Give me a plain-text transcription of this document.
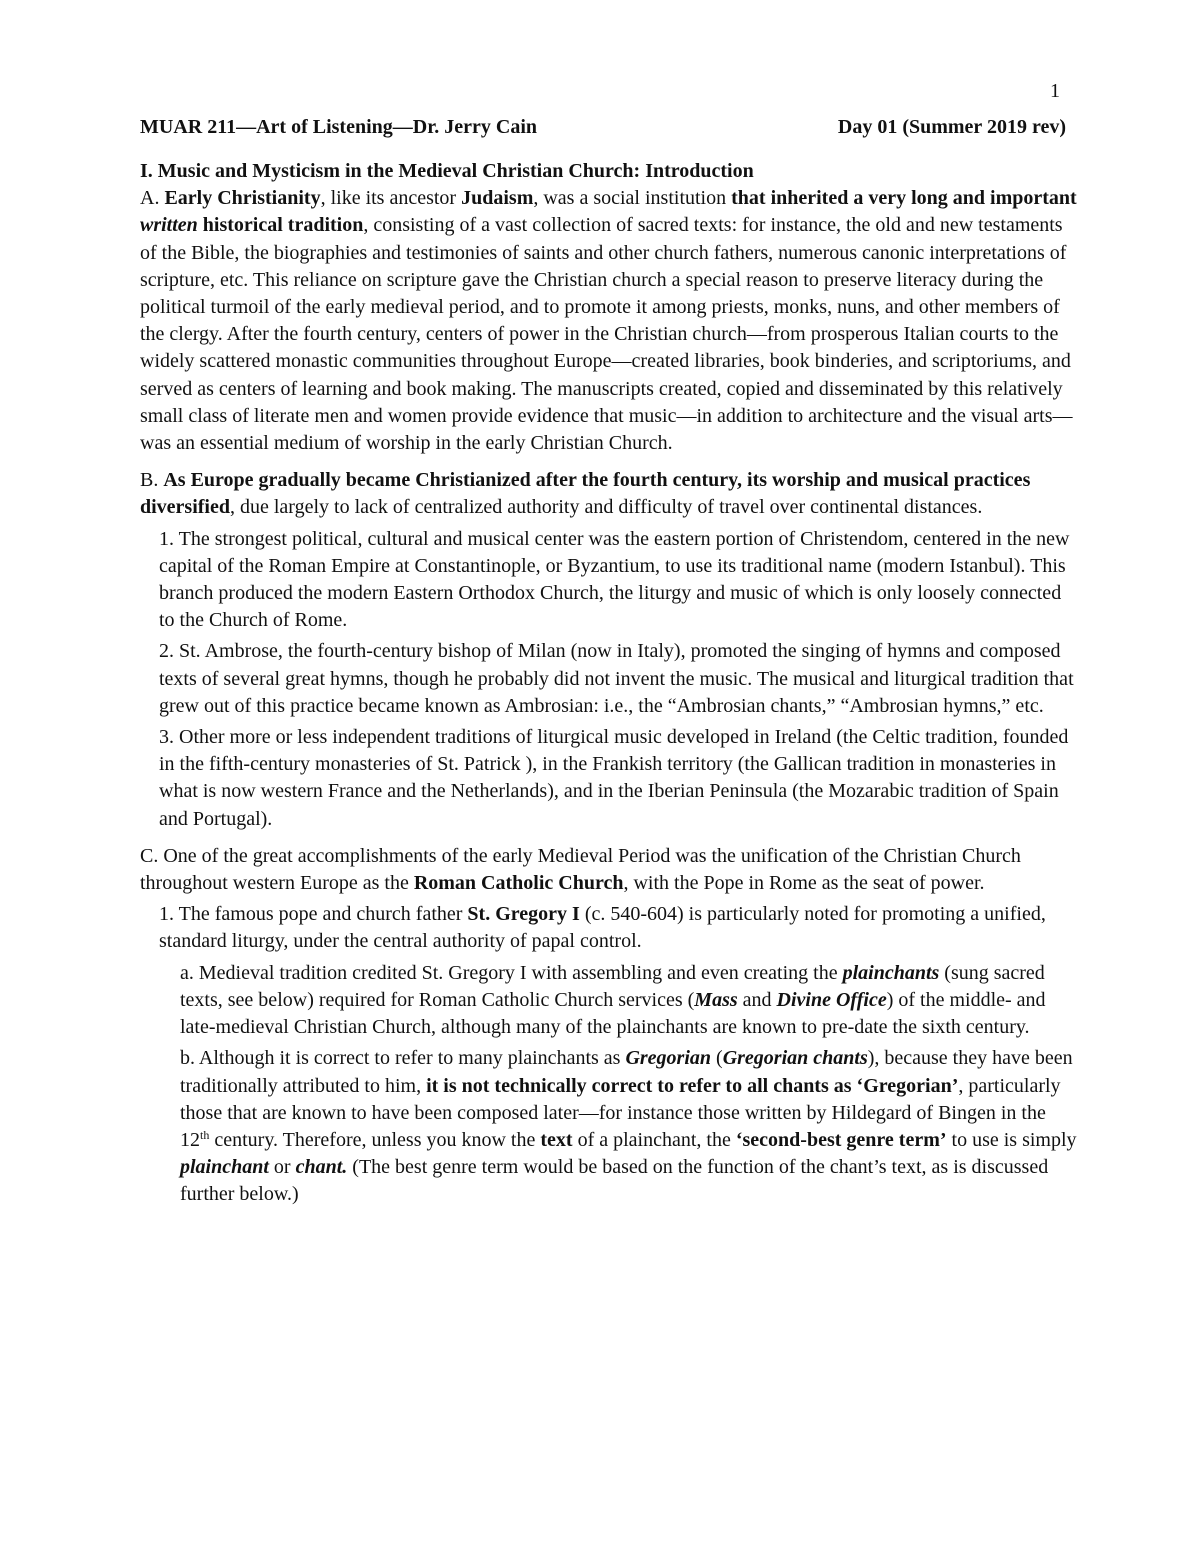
1
MUAR 211—Art of Listening—Dr. Jerry Cain	Day 01 (Summer 2019 rev)

I. Music and Mysticism in the Medieval Christian Church: Introduction

A. Early Christianity, like its ancestor Judaism, was a social institution that inherited a very long and important written historical tradition, consisting of a vast collection of sacred texts: for instance, the old and new testaments of the Bible, the biographies and testimonies of saints and other church fathers, numerous canonic interpretations of scripture, etc. This reliance on scripture gave the Christian church a special reason to preserve literacy during the political turmoil of the early medieval period, and to promote it among priests, monks, nuns, and other members of the clergy. After the fourth century, centers of power in the Christian church—from prosperous Italian courts to the widely scattered monastic communities throughout Europe—created libraries, book binderies, and scriptoriums, and served as centers of learning and book making. The manuscripts created, copied and disseminated by this relatively small class of literate men and women provide evidence that music—in addition to architecture and the visual arts—was an essential medium of worship in the early Christian Church.

B. As Europe gradually became Christianized after the fourth century, its worship and musical practices diversified, due largely to lack of centralized authority and difficulty of travel over continental distances.

1. The strongest political, cultural and musical center was the eastern portion of Christendom, centered in the new capital of the Roman Empire at Constantinople, or Byzantium, to use its traditional name (modern Istanbul). This branch produced the modern Eastern Orthodox Church, the liturgy and music of which is only loosely connected to the Church of Rome.

2. St. Ambrose, the fourth-century bishop of Milan (now in Italy), promoted the singing of hymns and composed texts of several great hymns, though he probably did not invent the music. The musical and liturgical tradition that grew out of this practice became known as Ambrosian: i.e., the “Ambrosian chants,” “Ambrosian hymns,” etc.

3. Other more or less independent traditions of liturgical music developed in Ireland (the Celtic tradition, founded in the fifth-century monasteries of St. Patrick ), in the Frankish territory (the Gallican tradition in monasteries in what is now western France and the Netherlands), and in the Iberian Peninsula (the Mozarabic tradition of Spain and Portugal).

C. One of the great accomplishments of the early Medieval Period was the unification of the Christian Church throughout western Europe as the Roman Catholic Church, with the Pope in Rome as the seat of power.

1. The famous pope and church father St. Gregory I (c. 540-604) is particularly noted for promoting a unified, standard liturgy, under the central authority of papal control.

a. Medieval tradition credited St. Gregory I with assembling and even creating the plainchants (sung sacred texts, see below) required for Roman Catholic Church services (Mass and Divine Office) of the middle- and late-medieval Christian Church, although many of the plainchants are known to pre-date the sixth century.

b. Although it is correct to refer to many plainchants as Gregorian (Gregorian chants), because they have been traditionally attributed to him, it is not technically correct to refer to all chants as ‘Gregorian’, particularly those that are known to have been composed later—for instance those written by Hildegard of Bingen in the 12th century. Therefore, unless you know the text of a plainchant, the ‘second-best genre term’ to use is simply plainchant or chant. (The best genre term would be based on the function of the chant’s text, as is discussed further below.)
